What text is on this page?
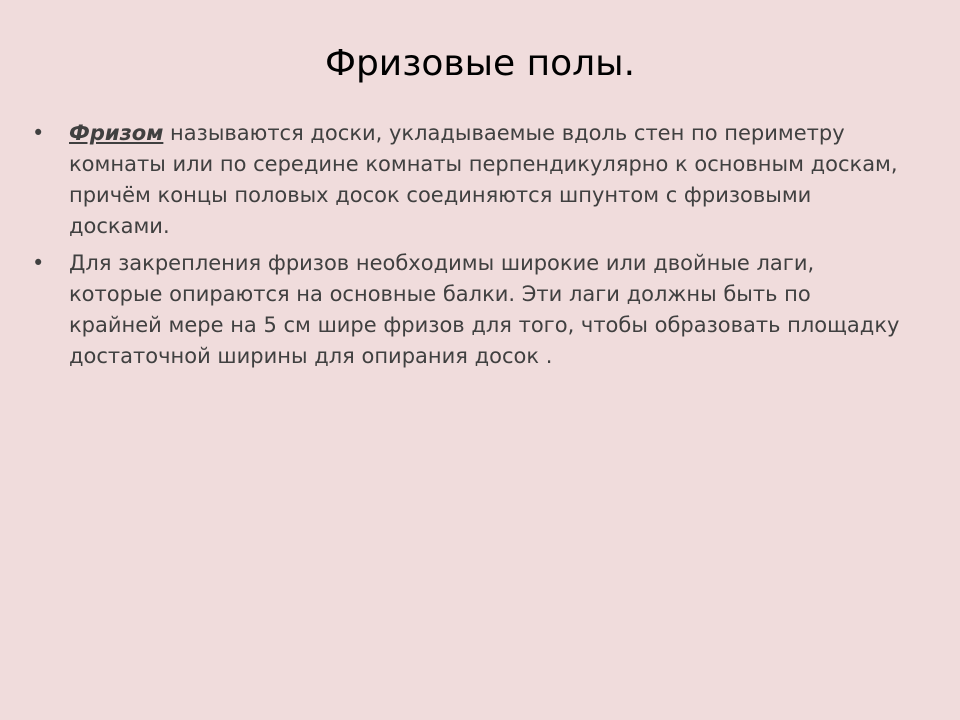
Фризовые полы.
•	Фризом называются доски, укладываемые вдоль стен по периметру комнаты или по середине комнаты перпендикулярно к основным доскам, причём концы половых досок соединяются шпунтом с фризовыми досками.
•	Для закрепления фризов необходимы широкие или двойные лаги, которые опираются на основные балки. Эти лаги должны быть по крайней мере на 5 см шире фризов для того, чтобы образовать площадку достаточной ширины для опирания досок .
